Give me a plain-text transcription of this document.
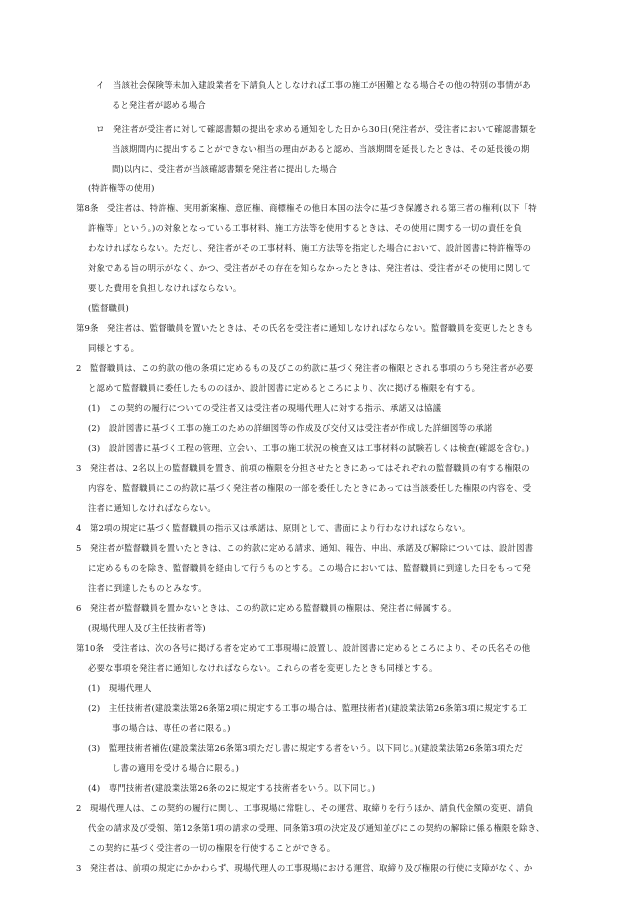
イ　当該社会保険等未加入建設業者を下請負人としなければ工事の施工が困難となる場合その他の特別の事情があ
ると発注者が認める場合
ロ　発注者が受注者に対して確認書類の提出を求める通知をした日から30日(発注者が、受注者において確認書類を
当該期間内に提出することができない相当の理由があると認め、当該期間を延長したときは、その延長後の期
間)以内に、受注者が当該確認書類を発注者に提出した場合
(特許権等の使用)
第8条　受注者は、特許権、実用新案権、意匠権、商標権その他日本国の法令に基づき保護される第三者の権利(以下「特
許権等」という。)の対象となっている工事材料、施工方法等を使用するときは、その使用に関する一切の責任を負
わなければならない。ただし、発注者がその工事材料、施工方法等を指定した場合において、設計図書に特許権等の
対象である旨の明示がなく、かつ、受注者がその存在を知らなかったときは、発注者は、受注者がその使用に関して
要した費用を負担しなければならない。
(監督職員)
第9条　発注者は、監督職員を置いたときは、その氏名を受注者に通知しなければならない。監督職員を変更したときも
同様とする。
2　監督職員は、この約款の他の条項に定めるもの及びこの約款に基づく発注者の権限とされる事項のうち発注者が必要
と認めて監督職員に委任したもののほか、設計図書に定めるところにより、次に掲げる権限を有する。
(1)　この契約の履行についての受注者又は受注者の現場代理人に対する指示、承諾又は協議
(2)　設計図書に基づく工事の施工のための詳細図等の作成及び交付又は受注者が作成した詳細図等の承諾
(3)　設計図書に基づく工程の管理、立会い、工事の施工状況の検査又は工事材料の試験若しくは検査(確認を含む。)
3　発注者は、2名以上の監督職員を置き、前項の権限を分担させたときにあってはそれぞれの監督職員の有する権限の
内容を、監督職員にこの約款に基づく発注者の権限の一部を委任したときにあっては当該委任した権限の内容を、受
注者に通知しなければならない。
4　第2項の規定に基づく監督職員の指示又は承諾は、原則として、書面により行わなければならない。
5　発注者が監督職員を置いたときは、この約款に定める請求、通知、報告、申出、承諾及び解除については、設計図書
に定めるものを除き、監督職員を経由して行うものとする。この場合においては、監督職員に到達した日をもって発
注者に到達したものとみなす。
6　発注者が監督職員を置かないときは、この約款に定める監督職員の権限は、発注者に帰属する。
(現場代理人及び主任技術者等)
第10条　受注者は、次の各号に掲げる者を定めて工事現場に設置し、設計図書に定めるところにより、その氏名その他
必要な事項を発注者に通知しなければならない。これらの者を変更したときも同様とする。
(1)　現場代理人
(2)　主任技術者(建設業法第26条第2項に規定する工事の場合は、監理技術者)(建設業法第26条第3項に規定する工
事の場合は、専任の者に限る。)
(3)　監理技術者補佐(建設業法第26条第3項ただし書に規定する者をいう。以下同じ。)(建設業法第26条第3項ただ
し書の適用を受ける場合に限る。)
(4)　専門技術者(建設業法第26条の2に規定する技術者をいう。以下同じ。)
2　現場代理人は、この契約の履行に関し、工事現場に常駐し、その運営、取締りを行うほか、請負代金額の変更、請負
代金の請求及び受領、第12条第1項の請求の受理、同条第3項の決定及び通知並びにこの契約の解除に係る権限を除き、
この契約に基づく受注者の一切の権限を行使することができる。
3　発注者は、前項の規定にかかわらず、現場代理人の工事現場における運営、取締り及び権限の行使に支障がなく、か
